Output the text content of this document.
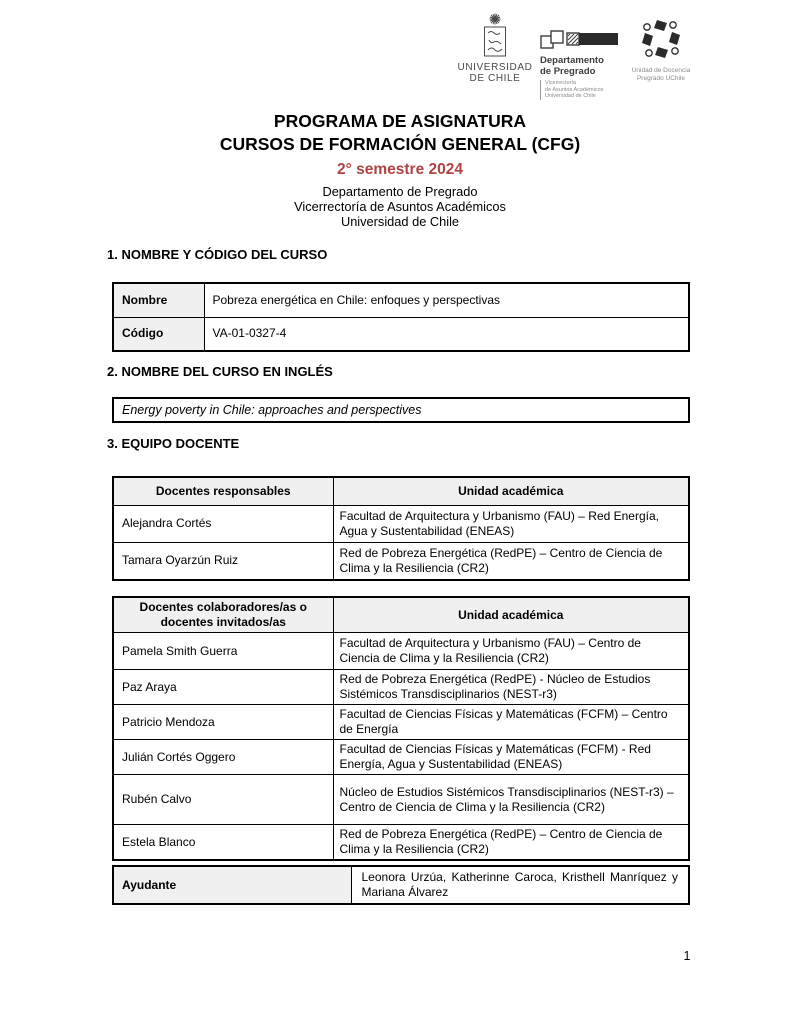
UNIVERSIDAD
DE CHILE
Departamento
de Pregrado
Vicerrectoría
de Asuntos Académicos
Universidad de Chile
Unidad de Docencia
Pregrado UChile
PROGRAMA DE ASIGNATURA
CURSOS DE FORMACIÓN GENERAL (CFG)
2° semestre 2024
Departamento de Pregrado
Vicerrectoría de Asuntos Académicos
Universidad de Chile
1. NOMBRE Y CÓDIGO DEL CURSO
Nombre	Pobreza energética en Chile: enfoques y perspectivas
Código	VA-01-0327-4
2. NOMBRE DEL CURSO EN INGLÉS
Energy poverty in Chile: approaches and perspectives
3. EQUIPO DOCENTE
Docentes responsables	Unidad académica
Alejandra Cortés	Facultad de Arquitectura y Urbanismo (FAU) – Red Energía, Agua y Sustentabilidad (ENEAS)
Tamara Oyarzún Ruiz	Red de Pobreza Energética (RedPE) – Centro de Ciencia de Clima y la Resiliencia (CR2)
Docentes colaboradores/as o docentes invitados/as	Unidad académica
Pamela Smith Guerra	Facultad de Arquitectura y Urbanismo (FAU) – Centro de Ciencia de Clima y la Resiliencia (CR2)
Paz Araya	Red de Pobreza Energética (RedPE) - Núcleo de Estudios Sistémicos Transdisciplinarios (NEST-r3)
Patricio Mendoza	Facultad de Ciencias Físicas y Matemáticas (FCFM) – Centro de Energía
Julián Cortés Oggero	Facultad de Ciencias Físicas y Matemáticas (FCFM) - Red Energía, Agua y Sustentabilidad (ENEAS)
Rubén Calvo	Núcleo de Estudios Sistémicos Transdisciplinarios (NEST-r3) – Centro de Ciencia de Clima y la Resiliencia (CR2)
Estela Blanco	Red de Pobreza Energética (RedPE) – Centro de Ciencia de Clima y la Resiliencia (CR2)
Ayudante	Leonora Urzúa, Katherinne Caroca, Kristhell Manríquez y Mariana Álvarez
1
